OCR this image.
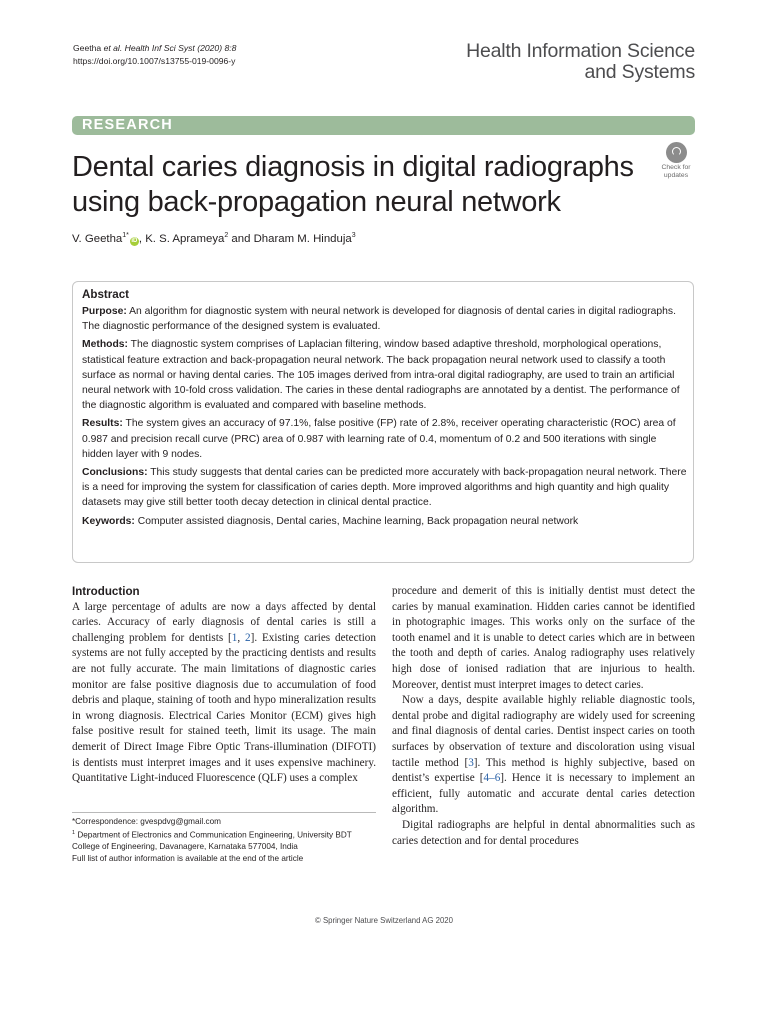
Geetha et al. Health Inf Sci Syst (2020) 8:8
https://doi.org/10.1007/s13755-019-0096-y	Health Information Science
and Systems
RESEARCH
Dental caries diagnosis in digital radiographs using back-propagation neural network
Check for
updates
V. Geetha$^{1*}$iD , K. S. Aprameya$^2$ and Dharam M. Hinduja$^3$
Abstract

Purpose: An algorithm for diagnostic system with neural network is developed for diagnosis of dental caries in digital radiographs. The diagnostic performance of the designed system is evaluated.

Methods: The diagnostic system comprises of Laplacian filtering, window based adaptive threshold, morphological operations, statistical feature extraction and back-propagation neural network. The back propagation neural network used to classify a tooth surface as normal or having dental caries. The 105 images derived from intra-oral digital radiography, are used to train an artificial neural network with 10-fold cross validation. The caries in these dental radiographs are annotated by a dentist. The performance of the diagnostic algorithm is evaluated and compared with baseline methods.

Results: The system gives an accuracy of 97.1%, false positive (FP) rate of 2.8%, receiver operating characteristic (ROC) area of 0.987 and precision recall curve (PRC) area of 0.987 with learning rate of 0.4, momentum of 0.2 and 500 iterations with single hidden layer with 9 nodes.

Conclusions: This study suggests that dental caries can be predicted more accurately with back-propagation neural network. There is a need for improving the system for classification of caries depth. More improved algorithms and high quantity and high quality datasets may give still better tooth decay detection in clinical dental practice.

Keywords: Computer assisted diagnosis, Dental caries, Machine learning, Back propagation neural network

Introduction

A large percentage of adults are now a days affected by dental caries. Accuracy of early diagnosis of dental caries is still a challenging problem for dentists [1, 2]. Existing caries detection systems are not fully accepted by the practicing dentists and results are not fully accurate. The main limitations of diagnostic caries monitor are false positive diagnosis due to accumulation of food debris and plaque, staining of tooth and hypo mineralization results in wrong diagnosis. Electrical Caries Monitor (ECM) gives high false positive result for stained teeth, limit its usage. The main demerit of Direct Image Fibre Optic Trans-illumination (DIFOTI) is dentists must interpret images and it uses expensive machinery. Quantitative Light-induced Fluorescence (QLF) uses a complex

procedure and demerit of this is initially dentist must detect the caries by manual examination. Hidden caries cannot be identified in photographic images. This works only on the surface of the tooth enamel and it is unable to detect caries which are in between the tooth and depth of caries. Analog radiography uses relatively high dose of ionised radiation that are injurious to health. Moreover, dentist must interpret images to detect caries.

Now a days, despite available highly reliable diagnostic tools, dental probe and digital radiography are widely used for screening and final diagnosis of dental caries. Dentist inspect caries on tooth surfaces by observation of texture and discoloration using visual tactile method [3]. This method is highly subjective, based on dentist’s expertise [4–6]. Hence it is necessary to implement an efficient, fully automatic and accurate dental caries detection algorithm.

Digital radiographs are helpful in dental abnormalities such as caries detection and for dental procedures

*Correspondence: gvespdvg@gmail.com
$^1$ Department of Electronics and Communication Engineering, University BDT College of Engineering, Davanagere, Karnataka 577004, India
Full list of author information is available at the end of the article
© Springer Nature Switzerland AG 2020
